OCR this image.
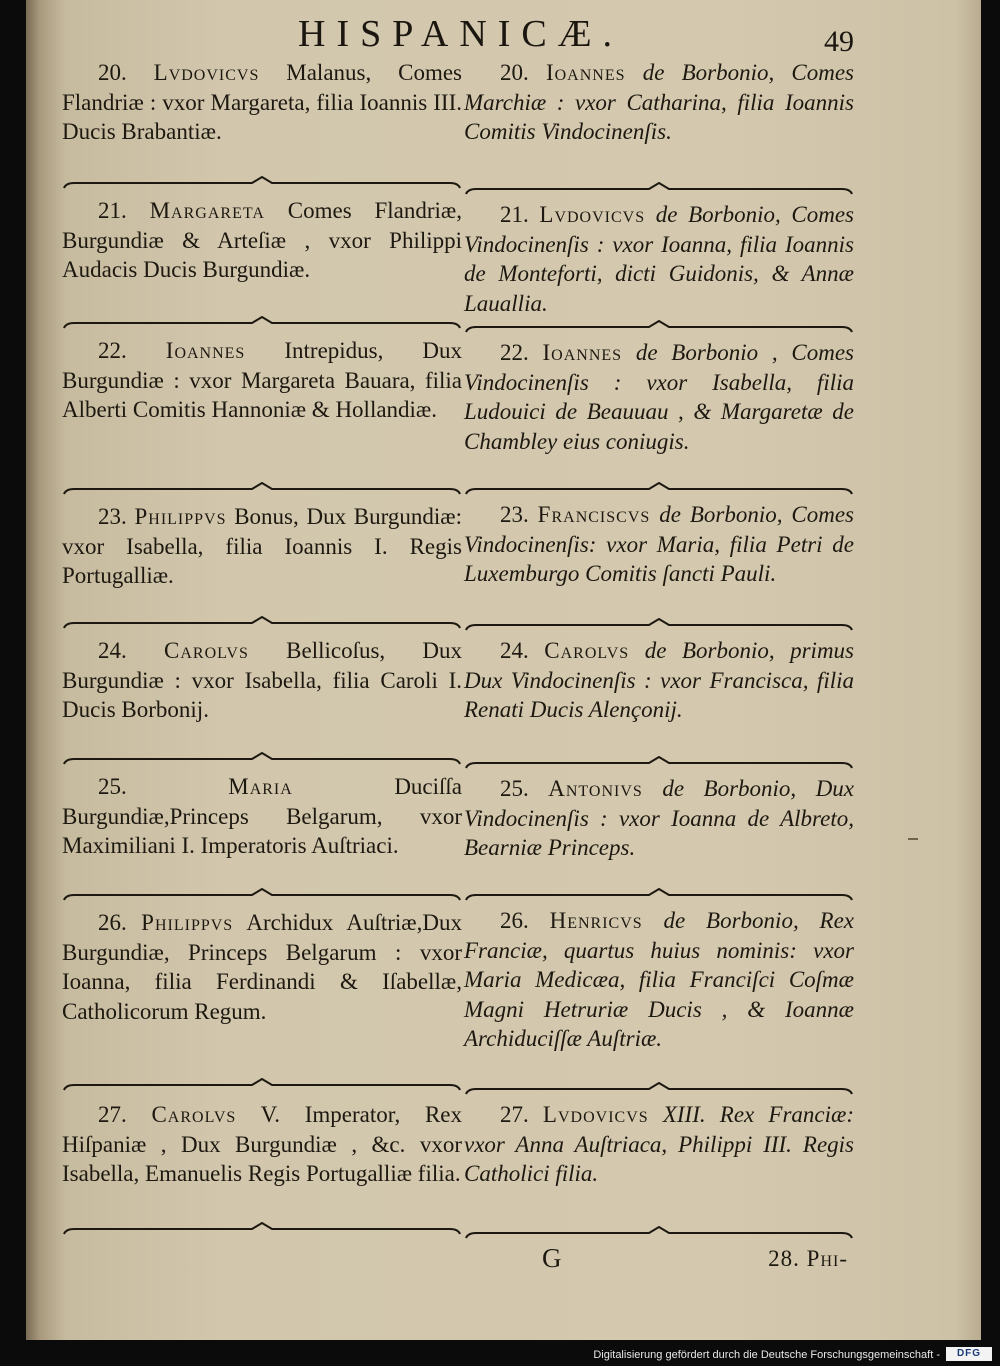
HISPANICÆ.	49
20. Lvdovicvs Malanus, Comes Flandriæ : vxor Margareta, filia Ioannis III. Ducis Brabantiæ.
21. Margareta Comes Flandriæ, Burgundiæ & Arteſiæ , vxor Philippi Audacis Ducis Burgundiæ.
22. Ioannes Intrepidus, Dux Burgundiæ : vxor Margareta Bauara, filia Alberti Comitis Hannoniæ & Hollandiæ.
23. Philippvs Bonus, Dux Burgundiæ: vxor Isabella, filia Ioannis I. Regis Portugalliæ.
24. Carolvs Bellicoſus, Dux Burgundiæ : vxor Isabella, filia Caroli I. Ducis Borbonij.
25.	Maria	Duciſſa Burgundiæ,Princeps Belgarum, vxor Maximiliani I. Imperatoris Auſtriaci.
26. Philippvs Archidux Auſtriæ,Dux Burgundiæ, Princeps Belgarum : vxor Ioanna, filia Ferdinandi & Iſabellæ, Catholicorum Regum.
27. Carolvs V. Imperator, Rex Hiſpaniæ , Dux Burgundiæ , &c. vxor Isabella, Emanuelis Regis Portugalliæ filia.
20. Ioannes de Borbonio, Comes Marchiæ : vxor Catharina, filia Ioannis Comitis Vindocinenſis.
21. Lvdovicvs de Borbonio, Comes Vindocinenſis : vxor Ioanna, filia Ioannis de Monteforti, dicti Guidonis, & Annæ Lauallia.
22. Ioannes de Borbonio , Comes Vindocinenſis : vxor Isabella, filia Ludouici de Beauuau , & Margaretæ de Chambley eius coniugis.
23. Franciscvs de Borbonio, Comes Vindocinenſis: vxor Maria, filia Petri de Luxemburgo Comitis ſancti Pauli.
24. Carolvs de Borbonio, primus Dux Vindocinenſis : vxor Francisca, filia Renati Ducis Alençonij.
25. Antonivs de Borbonio, Dux Vindocinenſis : vxor Ioanna de Albreto, Bearniæ Princeps.
26. Henricvs de Borbonio, Rex Franciæ, quartus huius nominis: vxor Maria Medicæa, filia Franciſci Coſmæ Magni Hetruriæ Ducis , & Ioannæ Archiduciſſæ Auſtriæ.
27. Lvdovicvs XIII. Rex Franciæ: vxor Anna Auſtriaca, Philippi III. Regis Catholici filia.
G	28. Phi-
Digitalisierung gefördert durch die Deutsche Forschungsgemeinschaft -	DFG
